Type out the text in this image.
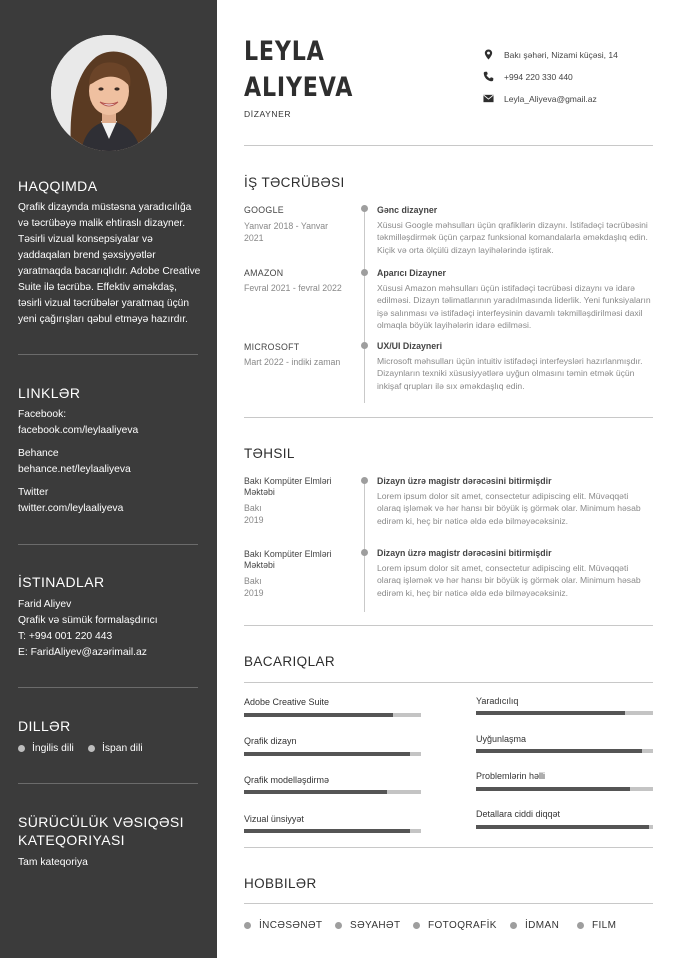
HAQQIMDA
Qrafik dizaynda müstəsna yaradıcılığa və təcrübəyə malik ehtiraslı dizayner. Təsirli vizual konsepsiyalar və yaddaqalan brend şəxsiyyətlər yaratmaqda bacarıqlıdır. Adobe Creative Suite ilə təcrübə. Effektiv əməkdaş, təsirli vizual təcrübələr yaratmaq üçün yeni çağırışları qəbul etməyə hazırdır.
LINKLƏR
Facebook:
facebook.com/leylaaliyeva
Behance
behance.net/leylaaliyeva
Twitter
twitter.com/leylaaliyeva
İSTINADLAR
Farid Aliyev
Qrafik və sümük formalaşdırıcı
T: +994 001 220 443
E: FaridAliyev@azərimail.az
DILLƏR
İngilis dili	İspan dili
SÜRÜCÜLÜK VƏSIQƏSI
KATEQORIYASI
Tam kateqoriya
LEYLA
ALIYEVA
DİZAYNER
Bakı şəhəri, Nizami küçəsi, 14
+994 220 330 440
Leyla_Aliyeva@gmail.az
İŞ TƏCRÜBƏSI
GOOGLE
Yanvar 2018 - Yanvar 2021
Gənc dizayner
Xüsusi Google məhsulları üçün qrafiklərin dizaynı. İstifadəçi təcrübəsini təkmilləşdirmək üçün çarpaz funksional komandalarla əməkdaşlıq edin. Kiçik və orta ölçülü dizayn layihələrində iştirak.
AMAZON
Fevral 2021 - fevral 2022
Aparıcı Dizayner
Xüsusi Amazon məhsulları üçün istifadəçi təcrübəsi dizaynı və idarə edilməsi. Dizayn təlimatlarının yaradılmasında liderlik. Yeni funksiyaların işə salınması və istifadəçi interfeysinin davamlı təkmilləşdirilməsi daxil olmaqla böyük layihələrin idarə edilməsi.
MICROSOFT
Mart 2022 - indiki zaman
UX/UI Dizayneri
Microsoft məhsulları üçün intuitiv istifadəçi interfeysləri hazırlanmışdır. Dizaynların texniki xüsusiyyətlərə uyğun olmasını təmin etmək üçün inkişaf qrupları ilə sıx əməkdaşlıq edin.
TƏHSIL
Bakı Kompüter Elmləri Məktəbi
Bakı
2019
Dizayn üzrə magistr dərəcəsini bitirmişdir
Lorem ipsum dolor sit amet, consectetur adipiscing elit. Müvəqqəti olaraq işləmək və hər hansı bir böyük iş görmək olar. Minimum həsab edirəm ki, heç bir nəticə əldə edə bilməyəcəksiniz.
Bakı Kompüter Elmləri Məktəbi
Bakı
2019
Dizayn üzrə magistr dərəcəsini bitirmişdir
Lorem ipsum dolor sit amet, consectetur adipiscing elit. Müvəqqəti olaraq işləmək və hər hansı bir böyük iş görmək olar. Minimum həsab edirəm ki, heç bir nəticə əldə edə bilməyəcəksiniz.
BACARIQLAR
Adobe Creative Suite
Qrafik dizayn
Qrafik modelləşdirmə
Vizual ünsiyyət
Yaradıcılıq
Uyğunlaşma
Problemlərin həlli
Detallara ciddi diqqət
HOBBILƏR
İNCƏSƏNƏT	SƏYAHƏT	FOTOQRAFİK	İDMAN	FILM
